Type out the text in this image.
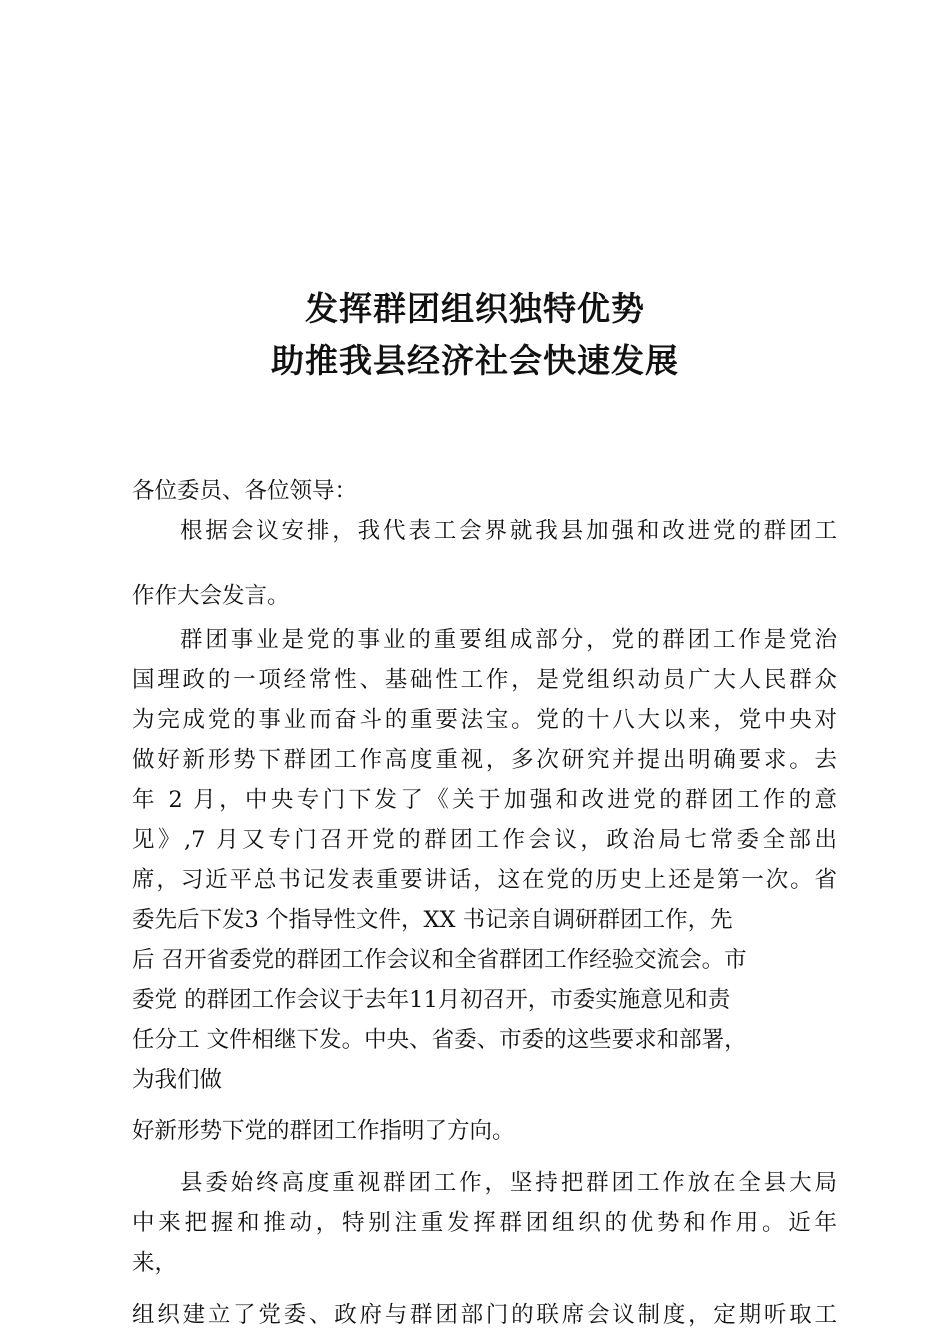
发挥群团组织独特优势
助推我县经济社会快速发展

各位委员、各位领导：

根据会议安排，我代表工会界就我县加强和改进党的群团工

作作大会发言。

群团事业是党的事业的重要组成部分，党的群团工作是党治

国理政的一项经常性、基础性工作，是党组织动员广大人民群众

为完成党的事业而奋斗的重要法宝。党的十八大以来，党中央对

做好新形势下群团工作高度重视，多次研究并提出明确要求。去

年 2 月，中央专门下发了《关于加强和改进党的群团工作的意

见》,7 月又专门召开党的群团工作会议，政治局七常委全部出

席，习近平总书记发表重要讲话，这在党的历史上还是第一次。省

委先后下发3 个指导性文件，XX 书记亲自调研群团工作，先

后 召开省委党的群团工作会议和全省群团工作经验交流会。市

委党 的群团工作会议于去年11月初召开，市委实施意见和责

任分工 文件相继下发。中央、省委、市委的这些要求和部署，

为我们做

好新形势下党的群团工作指明了方向。

县委始终高度重视群团工作，坚持把群团工作放在全县大局

中来把握和推动，特别注重发挥群团组织的优势和作用。近年

来，

组织建立了党委、政府与群团部门的联席会议制度，定期听取工
